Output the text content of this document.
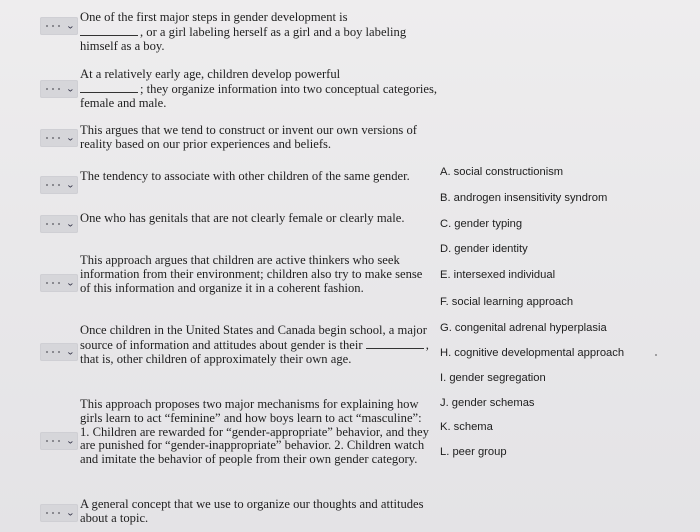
⌄
One of the first major steps in gender development is
, or a girl labeling herself as a girl and a boy labeling himself as a boy.
⌄
At a relatively early age, children develop powerful
; they organize information into two conceptual categories, female and male.
⌄
This argues that we tend to construct or invent our own versions of reality based on our prior experiences and beliefs.
⌄
The tendency to associate with other children of the same gender.
⌄ One who has genitals that are not clearly female or clearly male.
⌄
This approach argues that children are active thinkers who seek information from their environment; children also try to make sense of this information and organize it in a coherent fashion.
⌄
Once children in the United States and Canada begin school, a major source of information and attitudes about gender is their	, that is, other children of approximately their own age.
⌄
This approach proposes two major mechanisms for explaining how girls learn to act “feminine” and how boys learn to act “masculine”: 1. Children are rewarded for “gender-appropriate” behavior, and they are punished for “gender-inappropriate” behavior. 2. Children watch and imitate the behavior of people from their own gender category.
⌄
A general concept that we use to organize our thoughts and attitudes about a topic.
A. social constructionism
B. androgen insensitivity syndrom
C. gender typing
D. gender identity
E. intersexed individual
F. social learning approach
G. congenital adrenal hyperplasia
H. cognitive developmental approach
I. gender segregation
J. gender schemas
K. schema
L. peer group
